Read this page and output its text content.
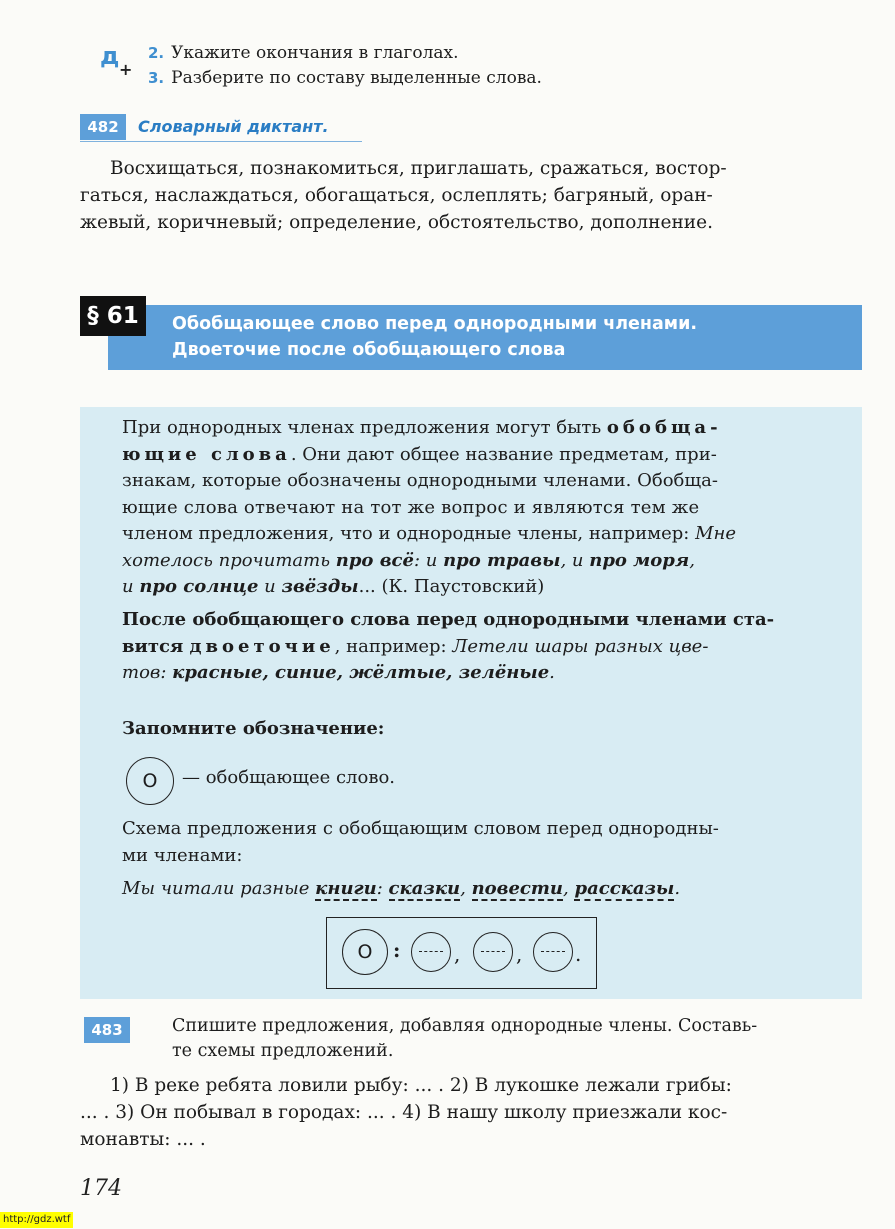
д +
2. Укажите окончания в глаголах.
3. Разберите по составу выделенные слова.
482	Словарный диктант.
Восхищаться, познакомиться, приглашать, сражаться, востор-
гаться, наслаждаться, обогащаться, ослеплять; багряный, оран-
жевый, коричневый; определение, обстоятельство, дополнение.
§ 61	Обобщающее слово перед однородными членами.
Двоеточие после обобщающего слова
При однородных членах предложения могут быть обобща-
ющие слова. Они дают общее название предметам, при-
знакам, которые обозначены однородными членами. Обобща-
ющие слова отвечают на тот же вопрос и являются тем же
членом предложения, что и однородные члены, например: Мне
хотелось прочитать про всё: и про травы, и про моря,
и про солнце и звёзды... (К. Паустовский)
После обобщающего слова перед однородными членами ста-
вится двоеточие, например: Летели шары разных цве-
тов: красные, синие, жёлтые, зелёные.
Запомните обозначение:
О	— обобщающее слово.
Схема предложения с обобщающим словом перед однородны-
ми членами:
Мы читали разные книги: сказки, повести, рассказы.
О	:	,	,	.
483	Спишите предложения, добавляя однородные члены. Составь-
те схемы предложений.
1) В реке ребята ловили рыбу: ... . 2) В лукошке лежали грибы:
... . 3) Он побывал в городах: ... . 4) В нашу школу приезжали кос-
монавты: ... .
174
http://gdz.wtf
